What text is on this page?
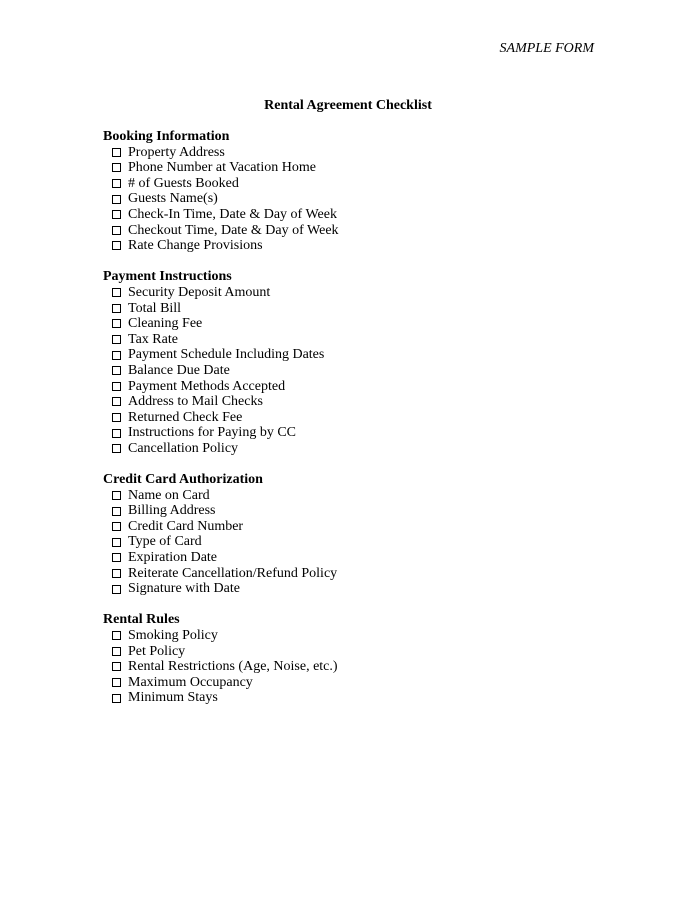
SAMPLE FORM
Rental Agreement Checklist
Booking Information
Property Address
Phone Number at Vacation Home
# of Guests Booked
Guests Name(s)
Check-In Time, Date & Day of Week
Checkout Time, Date & Day of Week
Rate Change Provisions
Payment Instructions
Security Deposit Amount
Total Bill
Cleaning Fee
Tax Rate
Payment Schedule Including Dates
Balance Due Date
Payment Methods Accepted
Address to Mail Checks
Returned Check Fee
Instructions for Paying by CC
Cancellation Policy
Credit Card Authorization
Name on Card
Billing Address
Credit Card Number
Type of Card
Expiration Date
Reiterate Cancellation/Refund Policy
Signature with Date
Rental Rules
Smoking Policy
Pet Policy
Rental Restrictions (Age, Noise, etc.)
Maximum Occupancy
Minimum Stays
